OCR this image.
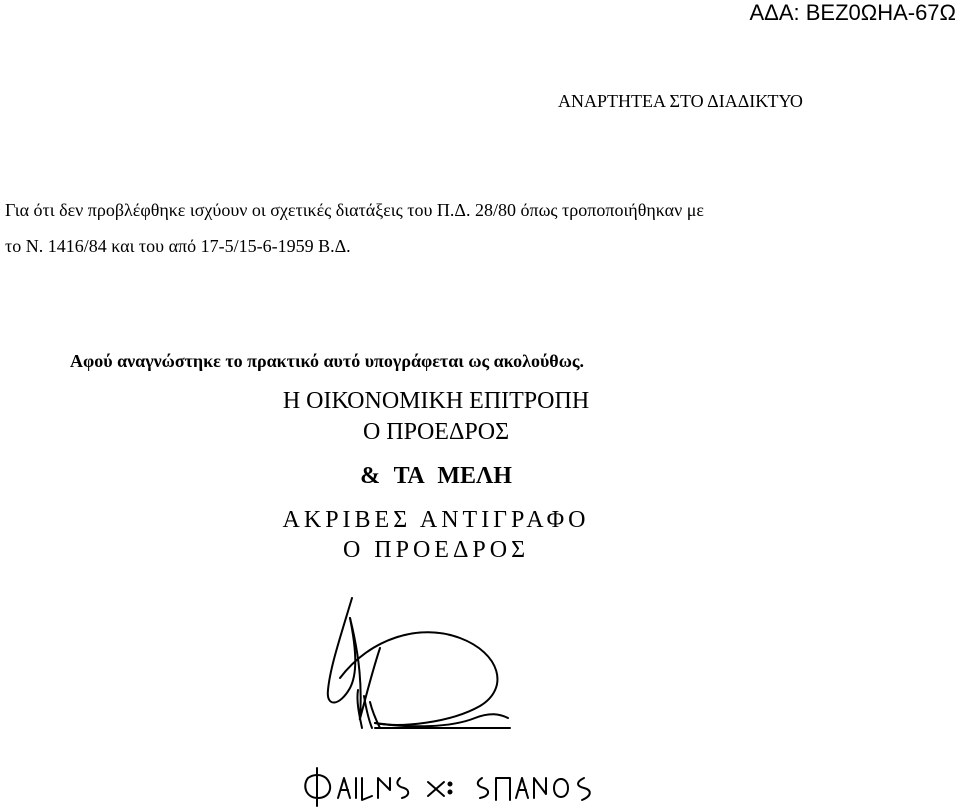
ΑΔΑ: ΒΕΖ0ΩΗΑ-67Ω
ΑΝΑΡΤΗΤΕΑ ΣΤΟ ΔΙΑΔΙΚΤΥΟ
Για ότι δεν προβλέφθηκε ισχύουν οι σχετικές διατάξεις του Π.Δ. 28/80 όπως τροποποιήθηκαν με
το Ν. 1416/84 και του από 17-5/15-6-1959 Β.Δ.
Αφού αναγνώστηκε το πρακτικό αυτό υπογράφεται ως ακολούθως.
Η ΟΙΚΟΝΟΜΙΚΗ ΕΠΙΤΡΟΠΗ
Ο ΠΡΟΕΔΡΟΣ
& ΤΑ ΜΕΛΗ
ΑΚΡΙΒΕΣ ΑΝΤΙΓΡΑΦΟ
Ο ΠΡΟΕΔΡΟΣ
